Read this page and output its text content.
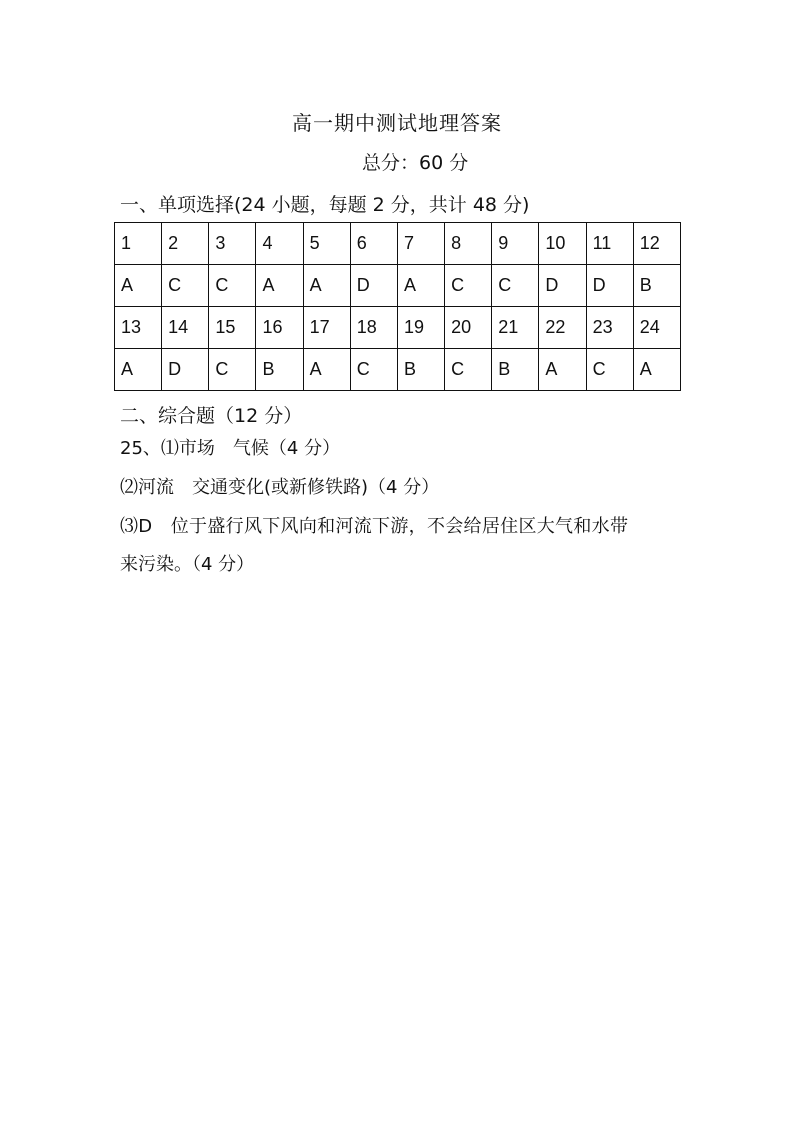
高一期中测试地理答案
总分：60 分
一、单项选择(24 小题，每题 2 分，共计 48 分)
1	2	3	4	5	6	7	8	9	10	11	12
A	C	C	A	A	D	A	C	C	D	D	B
13	14	15	16	17	18	19	20	21	22	23	24
A	D	C	B	A	C	B	C	B	A	C	A
二、综合题（12 分）
25、⑴市场　气候（4 分）
⑵河流　交通变化(或新修铁路)（4 分）
⑶D　位于盛行风下风向和河流下游，不会给居住区大气和水带
来污染。（4 分）
